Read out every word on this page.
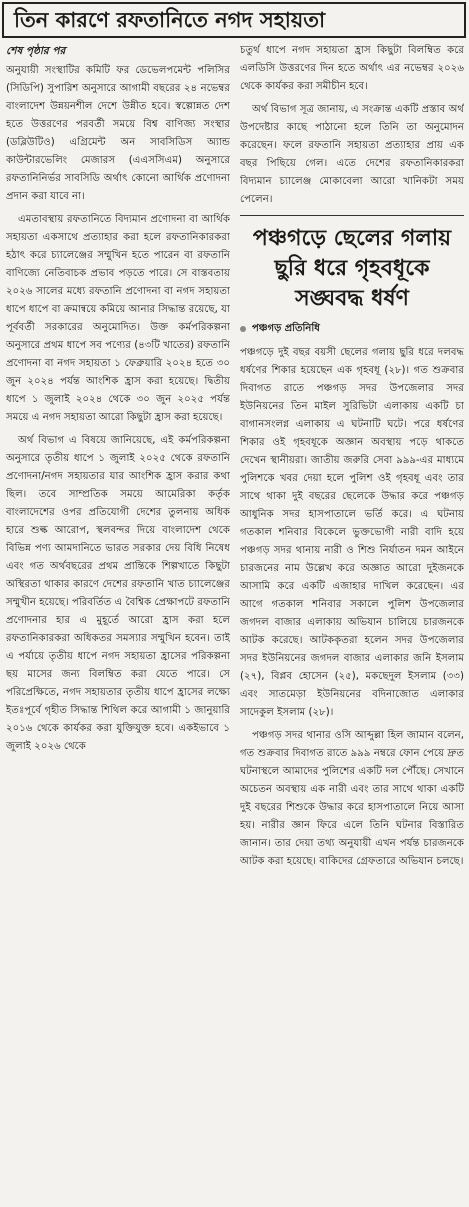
তিন কারণে রফতানিতে নগদ সহায়তা
শেষ পৃষ্ঠার পর

অনুযায়ী সংস্থাটির কমিটি ফর ডেভেলপমেন্ট পলিসির (সিডিপি) সুপারিশ অনুসারে আগামী বছরের ২৪ নভেম্বর বাংলাদেশ উন্নয়নশীল দেশে উন্নীত হবে। স্বল্পোন্নত দেশ হতে উত্তরণের পরবর্তী সময়ে বিশ্ব বাণিজ্য সংস্থার (ডব্লিউটিও) এগ্রিমেন্ট অন সাবসিডিস অ্যান্ড কাউন্টারভেলিং মেজারস (এএসসিএম) অনুসারে রফতানিনির্ভর সাবসিডি অর্থাৎ কোনো আর্থিক প্রণোদনা প্রদান করা যাবে না।

এমতাবস্থায় রফতানিতে বিদ্যমান প্রণোদনা বা আর্থিক সহায়তা একসাথে প্রত্যাহার করা হলে রফতানিকারকরা হঠাৎ করে চ্যালেঞ্জের সম্মুখিন হতে পারেন বা রফতানি বাণিজ্যে নেতিবাচক প্রভাব পড়তে পারে। সে বাস্তবতায় ২০২৬ সালের মধ্যে রফতানি প্রণোদনা বা নগদ সহায়তা ধাপে ধাপে বা ক্রমান্বয়ে কমিয়ে আনার সিদ্ধান্ত রয়েছে, যা পূর্ববর্তী সরকারের অনুমোদিত। উক্ত কর্মপরিকল্পনা অনুসারে প্রথম ধাপে সব পণ্যের (৪৩টি খাতের) রফতানি প্রণোদনা বা নগদ সহায়তা ১ ফেব্রুয়ারি ২০২৪ হতে ৩০ জুন ২০২৪ পর্যন্ত আংশিক হ্রাস করা হয়েছে। দ্বিতীয় ধাপে ১ জুলাই ২০২৪ থেকে ৩০ জুন ২০২৫ পর্যন্ত সময়ে এ নগদ সহায়তা আরো কিছুটা হ্রাস করা হয়েছে।

অর্থ বিভাগ এ বিষয়ে জানিয়েছে, এই কর্মপরিকল্পনা অনুসারে তৃতীয় ধাপে ১ জুলাই ২০২৫ থেকে রফতানি প্রণোদনা/নগদ সহায়তার যার আংশিক হ্রাস করার কথা ছিল। তবে সাম্প্রতিক সময়ে আমেরিকা কর্তৃক বাংলাদেশের ওপর প্রতিযোগী দেশের তুলনায় অধিক হারে শুল্ক আরোপ, স্থলবন্দর দিয়ে বাংলাদেশ থেকে বিভিন্ন পণ্য আমদানিতে ভারত সরকার দেয় বিধি নিষেধ এবং গত অর্থবছরের প্রথম প্রান্তিকে শিল্পখাতে কিছুটা অস্থিরতা থাকার কারণে দেশের রফতানি খাত চ্যালেঞ্জের সম্মুখীন হয়েছে। পরিবর্তিত এ বৈশ্বিক প্রেক্ষাপটে রফতানি প্রণোদনার হার এ মুহূর্তে আরো হ্রাস করা হলে রফতানিকারকরা অধিকতর সমস্যার সম্মুখিন হবেন। তাই এ পর্যায়ে তৃতীয় ধাপে নগদ সহায়তা হ্রাসের পরিকল্পনা ছয় মাসের জন্য বিলম্বিত করা যেতে পারে। সে পরিপ্রেক্ষিতে, নগদ সহায়তার তৃতীয় ধাপে হ্রাসের লক্ষ্যে ইতঃপূর্বে গৃহীত সিদ্ধান্ত শিথিল করে আগামী ১ জানুয়ারি ২০১৬ থেকে কার্যকর করা যুক্তিযুক্ত হবে। একইভাবে ১ জুলাই ২০২৬ থেকে

চতুর্থ ধাপে নগদ সহায়তা হ্রাস কিছুটা বিলম্বিত করে এলডিসি উত্তরণের দিন হতে অর্থাৎ এর নভেম্বর ২০২৬ থেকে কার্যকর করা সমীচীন হবে।

অর্থ বিভাগ সূত্র জানায়, এ সংক্রান্ত একটি প্রস্তাব অর্থ উপদেষ্টার কাছে পাঠানো হলে তিনি তা অনুমোদন করেছেন। ফলে রফতানি সহায়তা প্রত্যাহার প্রায় এক বছর পিছিয়ে গেল। এতে দেশের রফতানিকারকরা বিদ্যমান চ্যালেঞ্জ মোকাবেলা আরো খানিকটা সময় পেলেন।

পঞ্চগড়ে ছেলের গলায় ছুরি ধরে গৃহবধূকে সঙ্ঘবদ্ধ ধর্ষণ
পঞ্চগড় প্রতিনিধি

পঞ্চগড়ে দুই বছর বয়সী ছেলের গলায় ছুরি ধরে দলবদ্ধ ধর্ষণের শিকার হয়েছেন এক গৃহবধূ (২৮)। গত শুক্রবার দিবাগত রাতে পঞ্চগড় সদর উপজেলার সদর ইউনিয়নের তিন মাইল সুরিভিটা এলাকায় একটি চা বাগানসংলগ্ন এলাকায় এ ঘটনাটি ঘটে। পরে ধর্ষণের শিকার ওই গৃহবধূকে অজ্ঞান অবস্থায় পড়ে থাকতে দেখেন স্থানীয়রা। জাতীয় জরুরি সেবা ৯৯৯-এর মাধ্যমে পুলিশকে খবর দেয়া হলে পুলিশ ওই গৃহবধূ এবং তার সাথে থাকা দুই বছরের ছেলেকে উদ্ধার করে পঞ্চগড় আধুনিক সদর হাসপাতালে ভর্তি করে। এ ঘটনায় গতকাল শনিবার বিকেলে ভুক্তভোগী নারী বাদি হয়ে পঞ্চগড় সদর থানায় নারী ও শিশু নির্যাতন দমন আইনে চারজনের নাম উল্লেখ করে অজ্ঞাত আরো দুইজনকে আসামি করে একটি এজাহার দাখিল করেছেন। এর আগে গতকাল শনিবার সকালে পুলিশ উপজেলার জগদল বাজার এলাকায় অভিযান চালিয়ে চারজনকে আটক করেছে। আটককৃতরা হলেন সদর উপজেলার সদর ইউনিয়নের জগদল বাজার এলাকার জনি ইসলাম (২৭), বিপ্লব হোসেন (২৫), মকছেদুল ইসলাম (৩৩) এবং সাতমেড়া ইউনিয়নের বদিনাজোত এলাকার সাদেকুল ইসলাম (২৮)।

পঞ্চগড় সদর থানার ওসি আব্দুল্লা হিল জামান বলেন, গত শুক্রবার দিবাগত রাতে ৯৯৯ নম্বরে ফোন পেয়ে দ্রুত ঘটনাস্থলে আমাদের পুলিশের একটি দল পৌঁছে। সেখানে অচেতন অবস্থায় এক নারী এবং তার সাথে থাকা একটি দুই বছরের শিশুকে উদ্ধার করে হাসপাতালে নিয়ে আসা হয়। নারীর জ্ঞান ফিরে এলে তিনি ঘটনার বিস্তারিত জানান। তার দেয়া তথ্য অনুযায়ী এখন পর্যন্ত চারজনকে আটক করা হয়েছে। বাকিদের গ্রেফতারে অভিযান চলছে।
